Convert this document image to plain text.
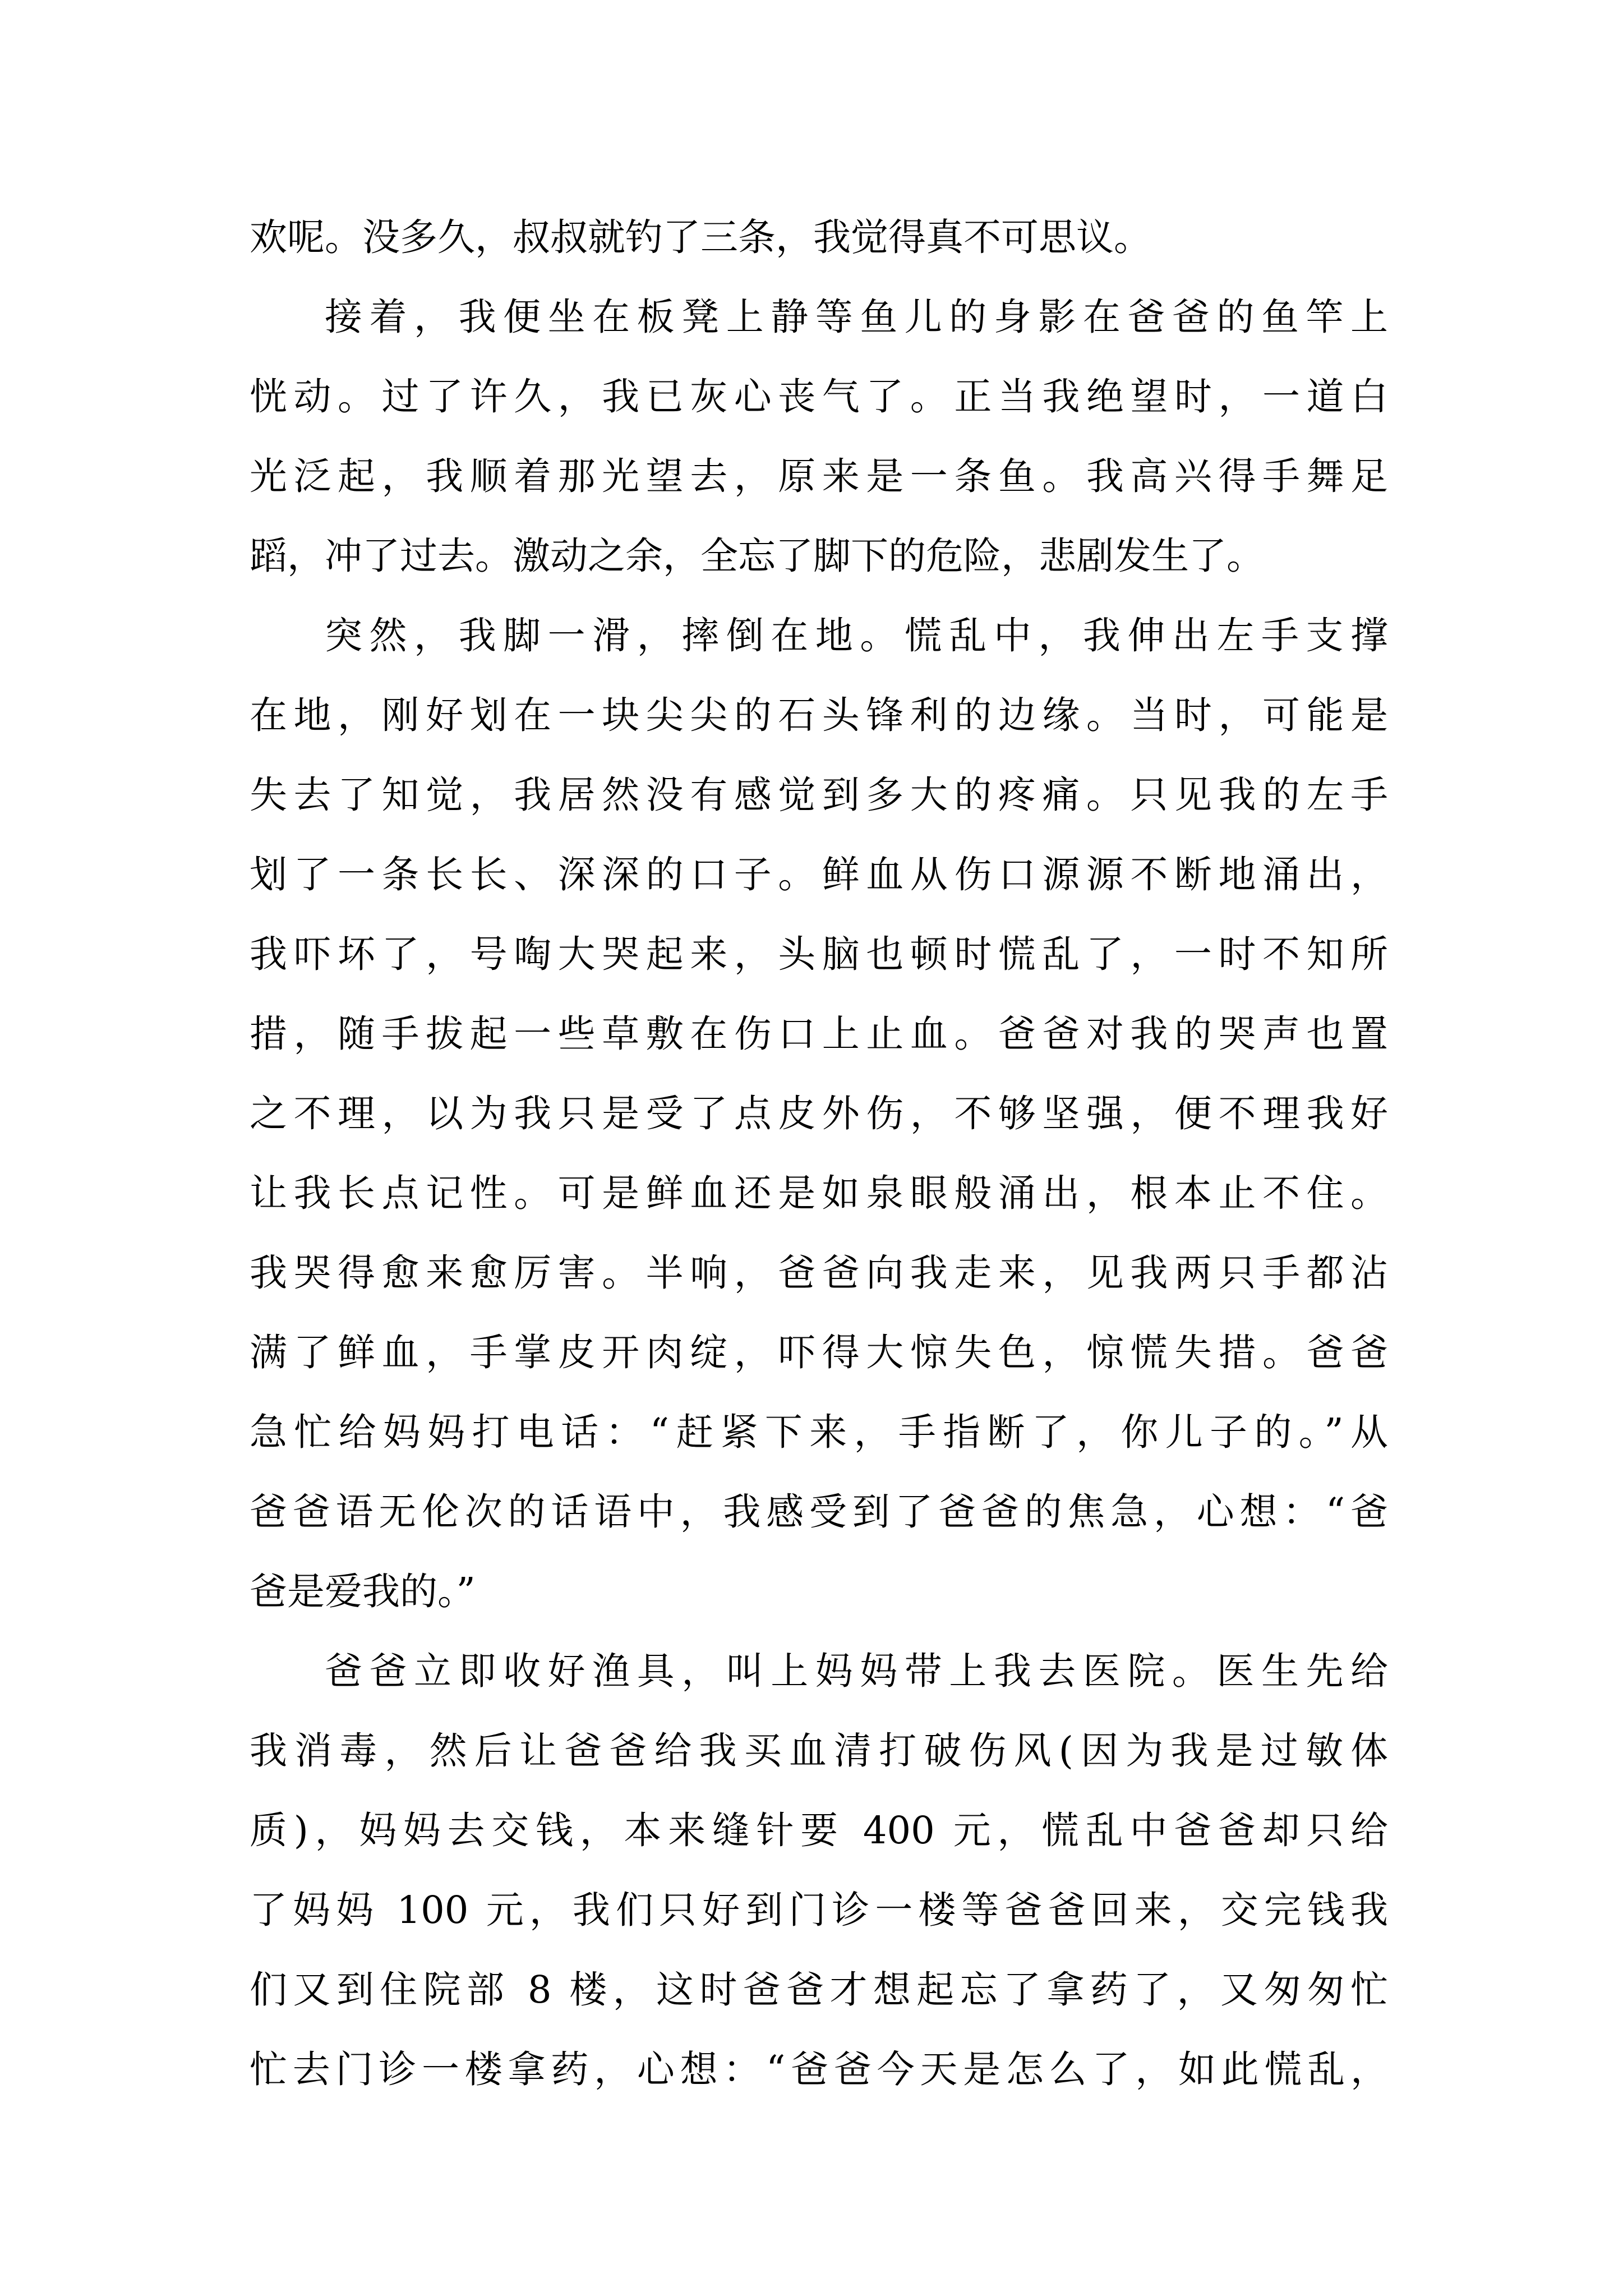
欢呢。没多久，叔叔就钓了三条，我觉得真不可思议。
接着，我便坐在板凳上静等鱼儿的身影在爸爸的鱼竿上
恍动。过了许久，我已灰心丧气了。正当我绝望时，一道白
光泛起，我顺着那光望去，原来是一条鱼。我高兴得手舞足
蹈，冲了过去。激动之余，全忘了脚下的危险，悲剧发生了。
突然，我脚一滑，摔倒在地。慌乱中，我伸出左手支撑
在地，刚好划在一块尖尖的石头锋利的边缘。当时，可能是
失去了知觉，我居然没有感觉到多大的疼痛。只见我的左手
划了一条长长、深深的口子。鲜血从伤口源源不断地涌出，
我吓坏了，号啕大哭起来，头脑也顿时慌乱了，一时不知所
措，随手拔起一些草敷在伤口上止血。爸爸对我的哭声也置
之不理，以为我只是受了点皮外伤，不够坚强，便不理我好
让我长点记性。可是鲜血还是如泉眼般涌出，根本止不住。
我哭得愈来愈厉害。半响，爸爸向我走来，见我两只手都沾
满了鲜血，手掌皮开肉绽，吓得大惊失色，惊慌失措。爸爸
急忙给妈妈打电话：“赶紧下来，手指断了，你儿子的。”从
爸爸语无伦次的话语中，我感受到了爸爸的焦急，心想：“爸
爸是爱我的。”
爸爸立即收好渔具，叫上妈妈带上我去医院。医生先给
我消毒，然后让爸爸给我买血清打破伤风(因为我是过敏体
质)，妈妈去交钱，本来缝针要 400 元，慌乱中爸爸却只给
了妈妈 100 元，我们只好到门诊一楼等爸爸回来，交完钱我
们又到住院部 8 楼，这时爸爸才想起忘了拿药了，又匆匆忙
忙去门诊一楼拿药，心想：“爸爸今天是怎么了，如此慌乱，
